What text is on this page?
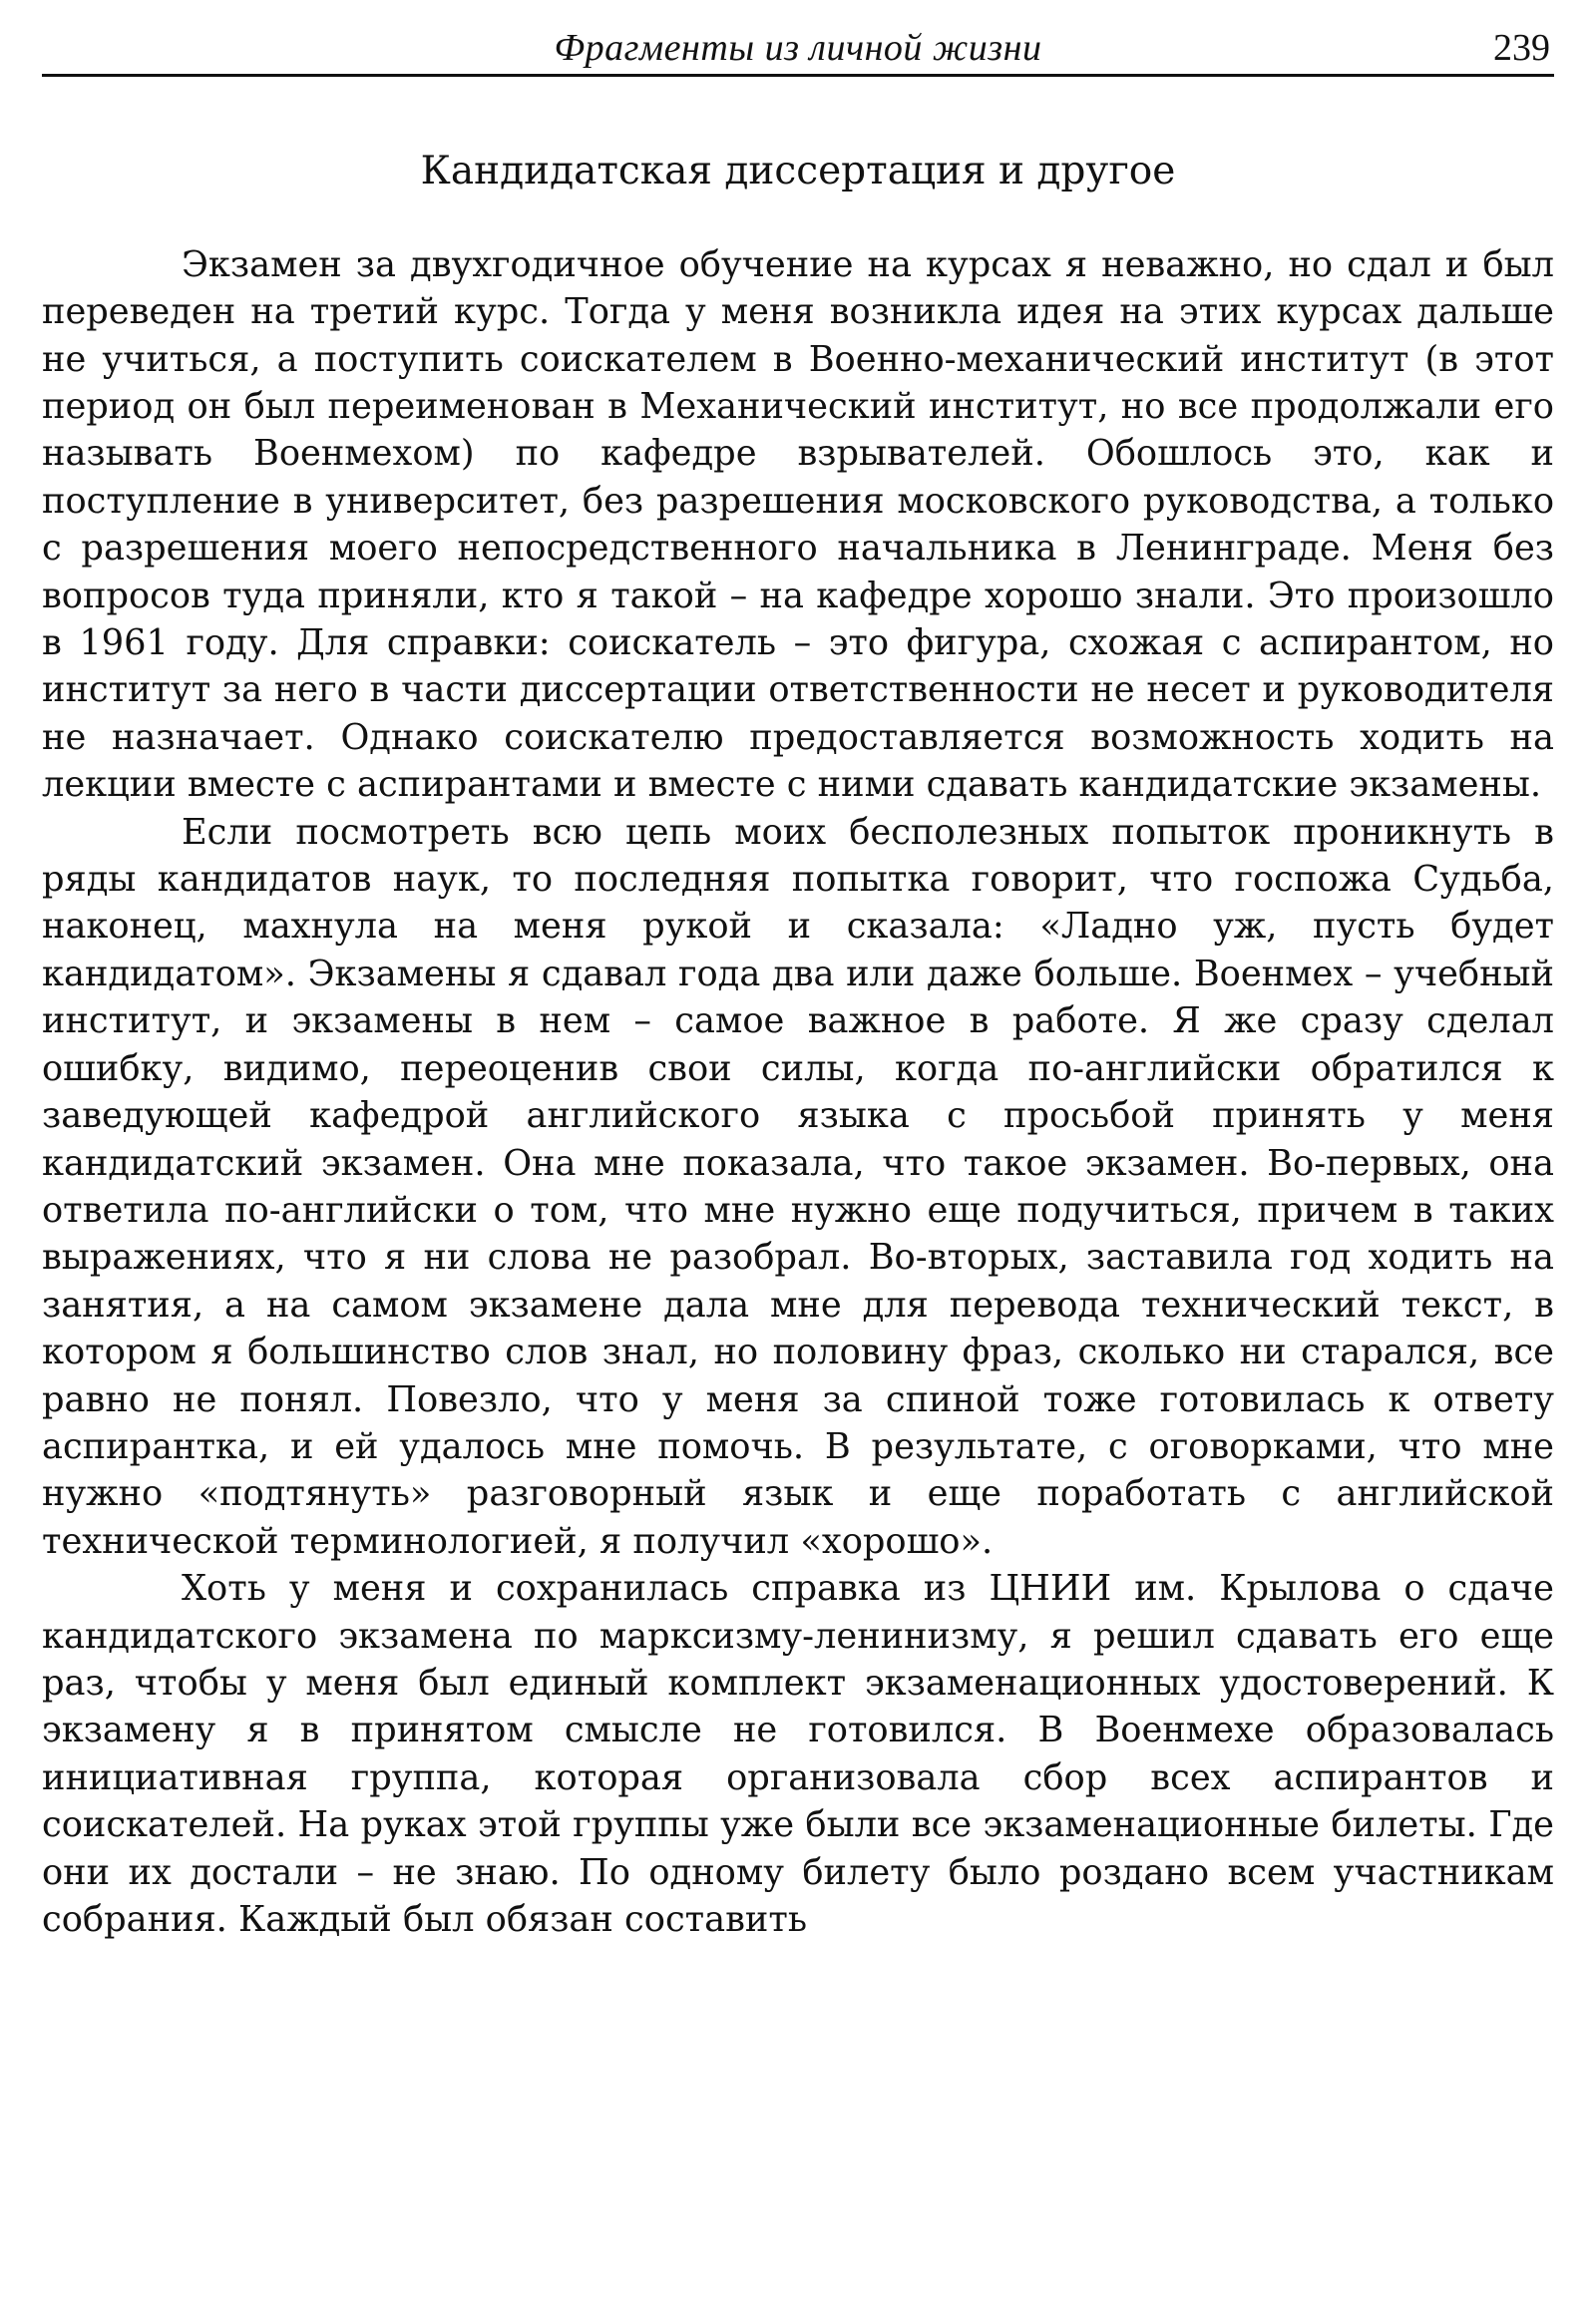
Фрагменты из личной жизни	239
Кандидатская диссертация и другое

Экзамен за двухгодичное обучение на курсах я неважно, но сдал и был переведен на третий курс. Тогда у меня возникла идея на этих курсах дальше не учиться, а поступить соискателем в Военно-механический институт (в этот период он был переименован в Механический институт, но все продолжали его называть Военмехом) по кафедре взрывателей. Обошлось это, как и поступление в университет, без разрешения московского руководства, а только с разрешения моего непосредственного начальника в Ленинграде. Меня без вопросов туда приняли, кто я такой – на кафедре хорошо знали. Это произошло в 1961 году. Для справки: соискатель – это фигура, схожая с аспирантом, но институт за него в части диссертации ответственности не несет и руководителя не назначает. Однако соискателю предоставляется возможность ходить на лекции вместе с аспирантами и вместе с ними сдавать кандидатские экзамены.

Если посмотреть всю цепь моих бесполезных попыток проникнуть в ряды кандидатов наук, то последняя попытка говорит, что госпожа Судьба, наконец, махнула на меня рукой и сказала: «Ладно уж, пусть будет кандидатом». Экзамены я сдавал года два или даже больше. Военмех – учебный институт, и экзамены в нем – самое важное в работе. Я же сразу сделал ошибку, видимо, переоценив свои силы, когда по-английски обратился к заведующей кафедрой английского языка с просьбой принять у меня кандидатский экзамен. Она мне показала, что такое экзамен. Во-первых, она ответила по-английски о том, что мне нужно еще подучиться, причем в таких выражениях, что я ни слова не разобрал. Во-вторых, заставила год ходить на занятия, а на самом экзамене дала мне для перевода технический текст, в котором я большинство слов знал, но половину фраз, сколько ни старался, все равно не понял. Повезло, что у меня за спиной тоже готовилась к ответу аспирантка, и ей удалось мне помочь. В результате, с оговорками, что мне нужно «подтянуть» разговорный язык и еще поработать с английской технической терминологией, я получил «хорошо».

Хоть у меня и сохранилась справка из ЦНИИ им. Крылова о сдаче кандидатского экзамена по марксизму-ленинизму, я решил сдавать его еще раз, чтобы у меня был единый комплект экзаменационных удостоверений. К экзамену я в принятом смысле не готовился. В Военмехе образовалась инициативная группа, которая организовала сбор всех аспирантов и соискателей. На руках этой группы уже были все экзаменационные билеты. Где они их достали – не знаю. По одному билету было роздано всем участникам собрания. Каждый был обязан составить
